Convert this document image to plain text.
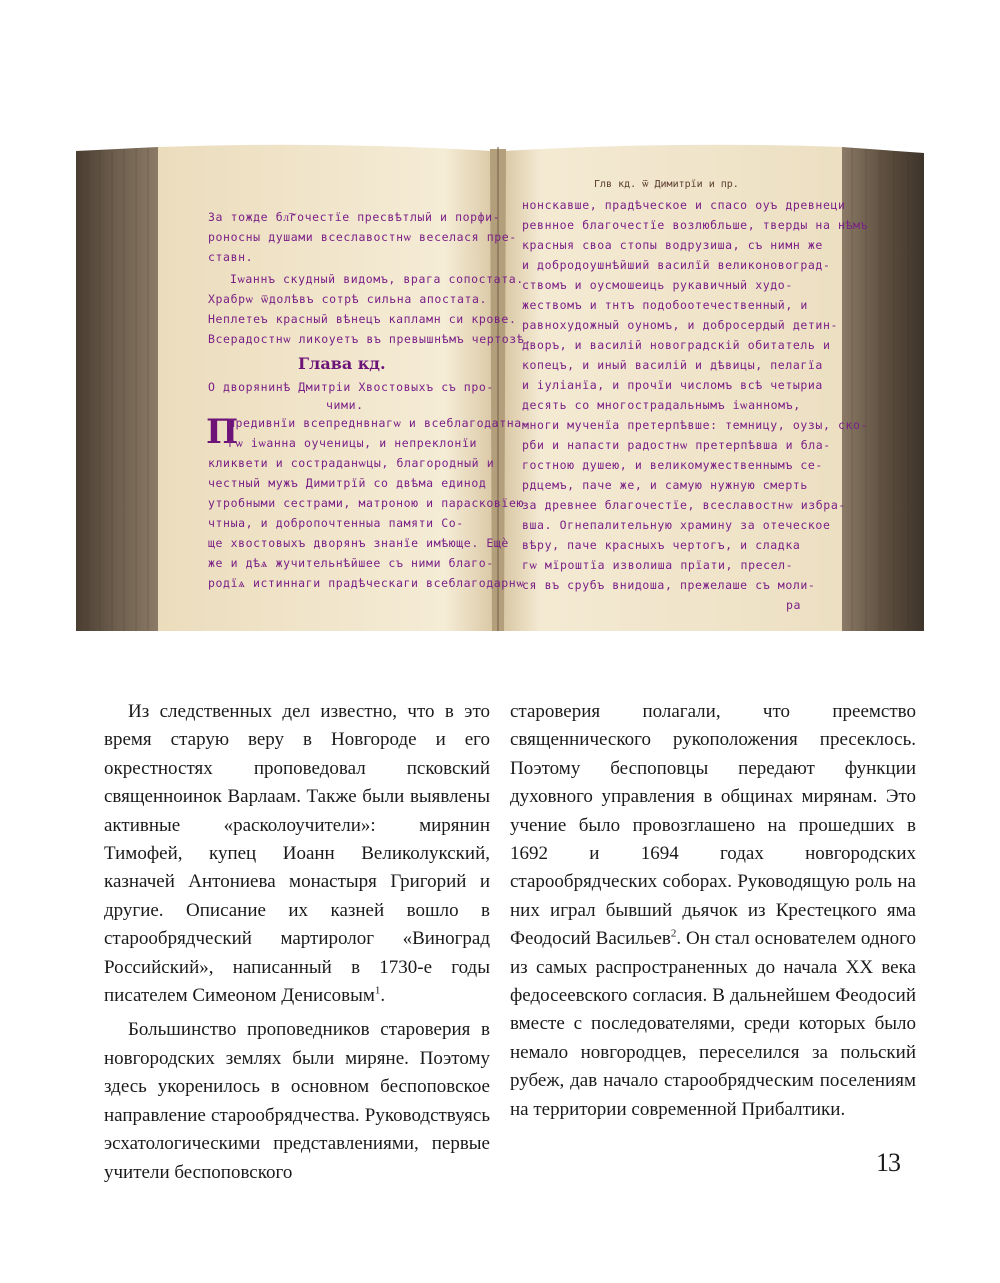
За тожде бл͠гочестїе пресвѣтлый и порфи-
роносны душами всеславостнѡ веселася пре-
ставн.
Іѡаннъ скудный видомъ, врага сопостата.
Храбрѡ ѿдолѣвъ сотрѣ сильна апостата.
Неплетеъ красный вѣнецъ капламн си крове.
Всерадостнѡ ликоуетъ въ превышнѣмъ чертозѣ.
Глава кд.
О дворянинѣ Дмитріи Хвостовыхъ съ про-
чими.
П
Предивнїи всепреднвнагѡ и всеблагодатна-
гѡ іѡанна оученицы, и непреклонїи
кликвети и состраданѡцы, благородный и
честный мужъ Димитрїй со двѣма единод
утробными сестрами, матроною и парасковїею
чтныа, и добропочтенныа памяти Со-
ще хвостовыхъ дворянъ знанїе имѣюще. Ещѐ
же и дѣѧ жучительнѣйшее съ ними благо-
родїѧ истиннаги прадѣческаги всеблагодарнѡ
Глв кд. ѿ Димитрїи и пр.
нонскавше, прадѣческое и спасо оуъ древнеци
ревнное благочестїе возлюбльше, тверды на нѣмъ
красныя своа стопы водрузиша, съ нимн же
и добродоушнѣйший василїй великоновоград-
ствомъ и оусмошеиць рукавичный худо-
жествомъ и тнтъ подобоотечественный, и
равнохудожный оуномъ, и добросердый детин-
дворъ, и василій новоградскій обитатель и
копецъ, и иный василій и дѣвицы, пелагїа
и іуліанїа, и прочїи числомъ всѣ четыриа
десять со многострадальнымъ іѡанномъ,
многи мученїа претерпѣвше: темницу, оузы, ско-
рби и напасти радостнѡ претерпѣвша и бла-
гостною душею, и великомужественнымъ се-
рдцемъ, паче же, и самую нужную смерть
за древнее благочестїе, всеславостнѡ избра-
вша. Огнепалительную храмину за отеческое
вѣру, паче красныхъ чертогъ, и сладка
гѡ мїроштїа изволиша прїати, пресел-
ся въ срубъ внидоша, прежелаше съ моли-
ра

Из следственных дел известно, что в это время старую веру в Новгороде и его окрестностях проповедовал псковский священноинок Варлаам. Также были выявлены активные «расколоучители»: мирянин Тимофей, купец Иоанн Великолукский, казначей Антониева монастыря Григорий и другие. Описание их казней вошло в старообрядческий мартиролог «Виноград Российский», написанный в 1730-е годы писателем Симеоном Денисовым$^1$.

Большинство проповедников староверия в новгородских землях были миряне. Поэтому здесь укоренилось в основном беспоповское направление старообрядчества. Руководствуясь эсхатологическими представлениями, первые учители беспоповского

староверия полагали, что преемство священнического рукоположения пресеклось. Поэтому беспоповцы передают функции духовного управления в общинах мирянам. Это учение было провозглашено на прошедших в 1692 и 1694 годах новгородских старообрядческих соборах. Руководящую роль на них играл бывший дьячок из Крестецкого яма Феодосий Васильев$^2$. Он стал основателем одного из самых распространенных до начала XX века федосеевского согласия. В дальнейшем Феодосий вместе с последователями, среди которых было немало новгородцев, переселился за польский рубеж, дав начало старообрядческим поселениям на территории современной Прибалтики.

13
